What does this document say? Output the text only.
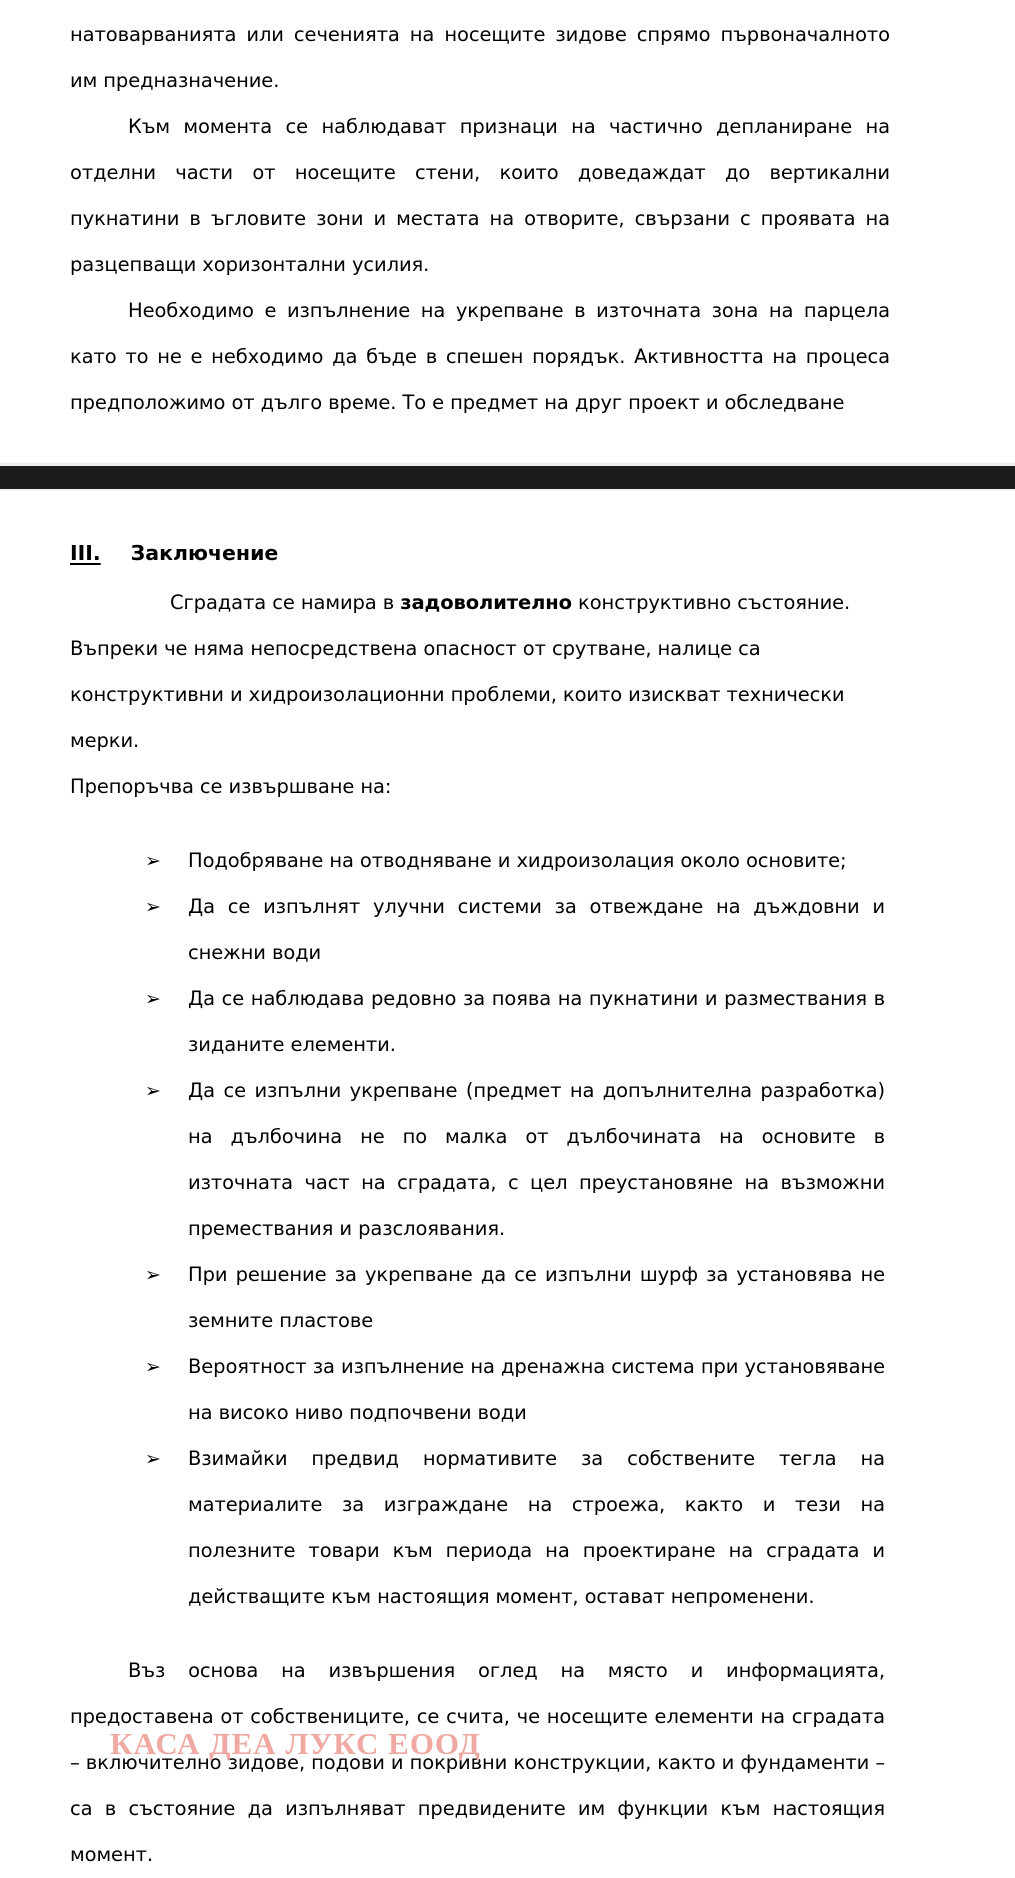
натоварванията или сеченията на носещите зидове спрямо първоначалното им предназначение.

Към момента се наблюдават признаци на частично депланиране на отделни части от носещите стени, които доведаждат до вертикални пукнатини в ъгловите зони и местата на отворите, свързани с проявата на разцепващи хоризонтални усилия.

Необходимо е изпълнение на укрепване в източната зона на парцела като то не е небходимо да бъде в спешен порядък. Активността на процеса предположимо от дълго време. То е предмет на друг проект и обследване

III. Заключение

Сградата се намира в задоволително конструктивно състояние.

Въпреки че няма непосредствена опасност от срутване, налице са

конструктивни и хидроизолационни проблеми, които изискват технически мерки.

Препоръчва се извършване на:

➢ Подобряване на отводняване и хидроизолация около основите;
➢ Да се изпълнят улучни системи за отвеждане на дъждовни и снежни води
➢ Да се наблюдава редовно за поява на пукнатини и размествания в зиданите елементи.
➢ Да се изпълни укрепване (предмет на допълнителна разработка) на дълбочина не по малка от дълбочината на основите в източната част на сградата, с цел преустановяне на възможни премествания и разслоявания.
➢ При решение за укрепване да се изпълни шурф за установява не земните пластове
➢ Вероятност за изпълнение на дренажна система при установяване на високо ниво подпочвени води
➢ Взимайки предвид нормативите за собствените тегла на материалите за изграждане на строежа, както и тези на полезните товари към периода на проектиране на сградата и действащите към настоящия момент, остават непроменени.

Въз основа на извършения оглед на място и информацията, предоставена от собствениците, се счита, че носещите елементи на сградата – включително зидове, подови и покривни конструкции, както и фундаменти – са в състояние да изпълняват предвидените им функции към настоящия момент.

КАСА ДЕА ЛУКС ЕООД
